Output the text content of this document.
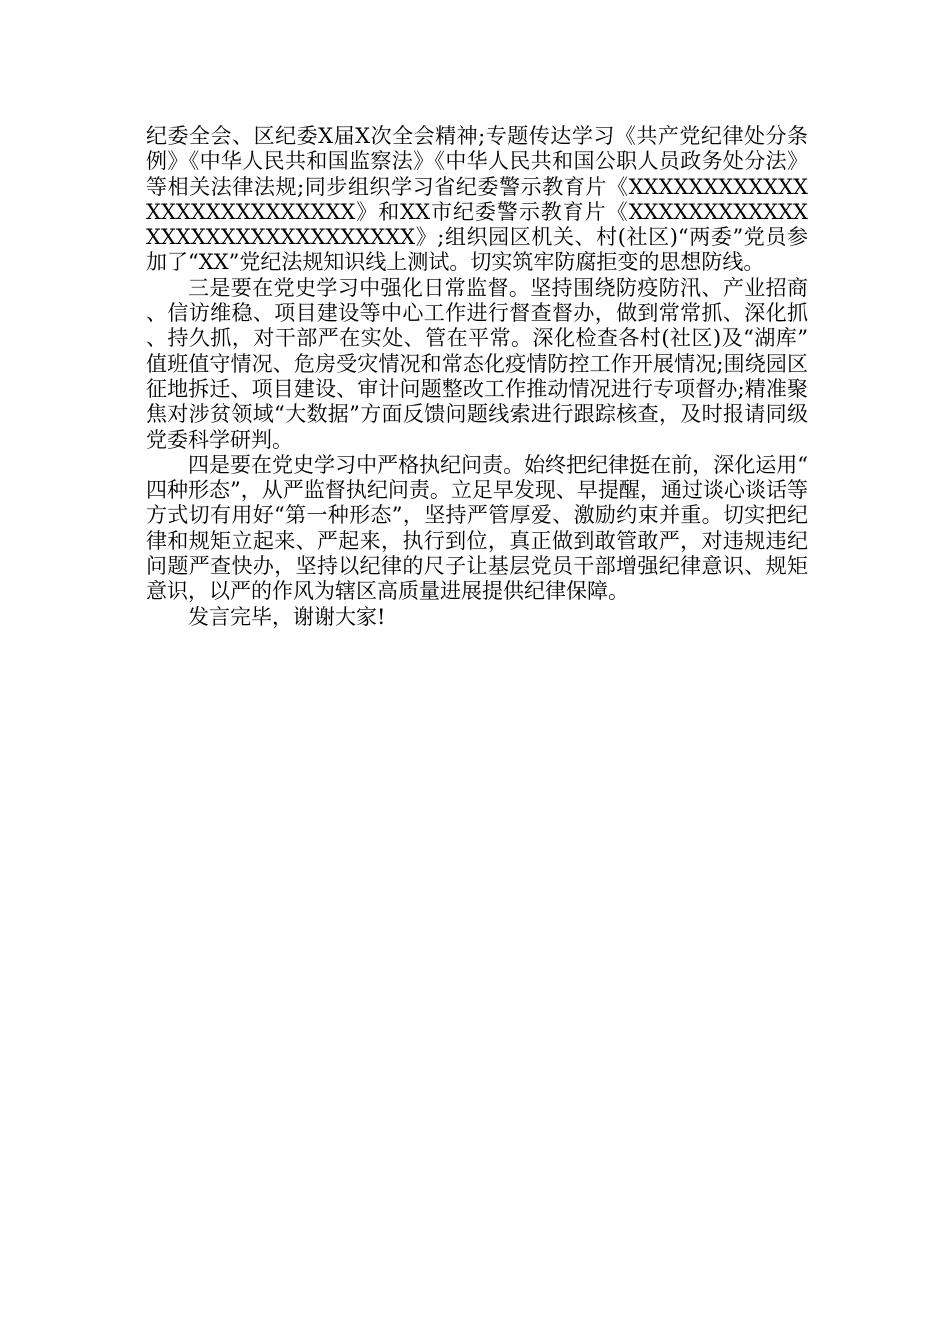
纪委全会、区纪委X届X次全会精神;专题传达学习《共产党纪律处分条例》《中华人民共和国监察法》《中华人民共和国公职人员政务处分法》等相关法律法规;同步组织学习省纪委警示教育片《XXXXXXXXXXXXXXXXXXXXXXXXXX》和XX市纪委警示教育片《XXXXXXXXXXXXXXXXXXXXXXXXXXXXXX》;组织园区机关、村(社区)“两委”党员参加了“XX”党纪法规知识线上测试。切实筑牢防腐拒变的思想防线。

三是要在党史学习中强化日常监督。坚持围绕防疫防汛、产业招商、信访维稳、项目建设等中心工作进行督查督办，做到常常抓、深化抓、持久抓，对干部严在实处、管在平常。深化检查各村(社区)及“湖库”值班值守情况、危房受灾情况和常态化疫情防控工作开展情况;围绕园区征地拆迁、项目建设、审计问题整改工作推动情况进行专项督办;精准聚焦对涉贫领域“大数据”方面反馈问题线索进行跟踪核查，及时报请同级党委科学研判。

四是要在党史学习中严格执纪问责。始终把纪律挺在前，深化运用“四种形态”，从严监督执纪问责。立足早发现、早提醒，通过谈心谈话等方式切有用好“第一种形态”，坚持严管厚爱、激励约束并重。切实把纪律和规矩立起来、严起来，执行到位，真正做到敢管敢严，对违规违纪问题严查快办，坚持以纪律的尺子让基层党员干部增强纪律意识、规矩意识，以严的作风为辖区高质量进展提供纪律保障。

发言完毕，谢谢大家!
